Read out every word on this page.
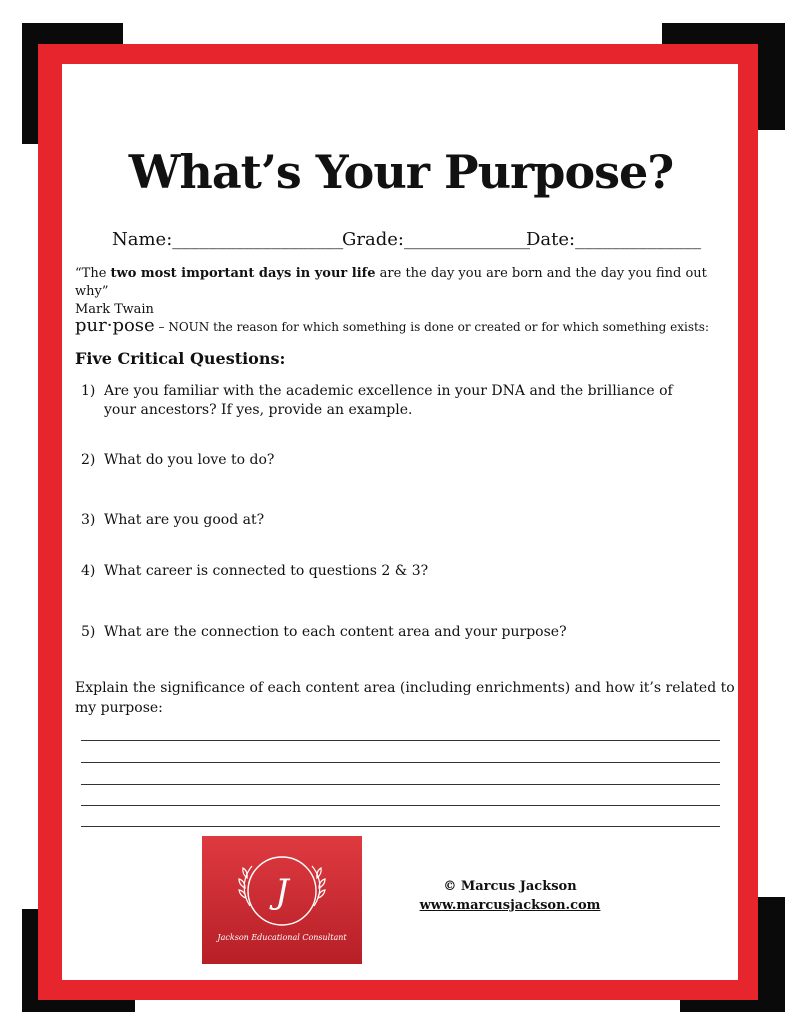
What’s Your Purpose?
Name:___________________
Grade:______________
Date:______________
“The two most important days in your life are the day you are born and the day you find out why”
Mark Twain
pur·pose – NOUN the reason for which something is done or created or for which something exists:
Five Critical Questions:
1) Are you familiar with the academic excellence in your DNA and the brilliance of your ancestors? If yes, provide an example.
2) What do you love to do?
3) What are you good at?
4) What career is connected to questions 2 & 3?
5) What are the connection to each content area and your purpose?
Explain the significance of each content area (including enrichments) and how it’s related to my purpose:
J
Jackson Educational Consultant
© Marcus Jackson
www.marcusjackson.com
